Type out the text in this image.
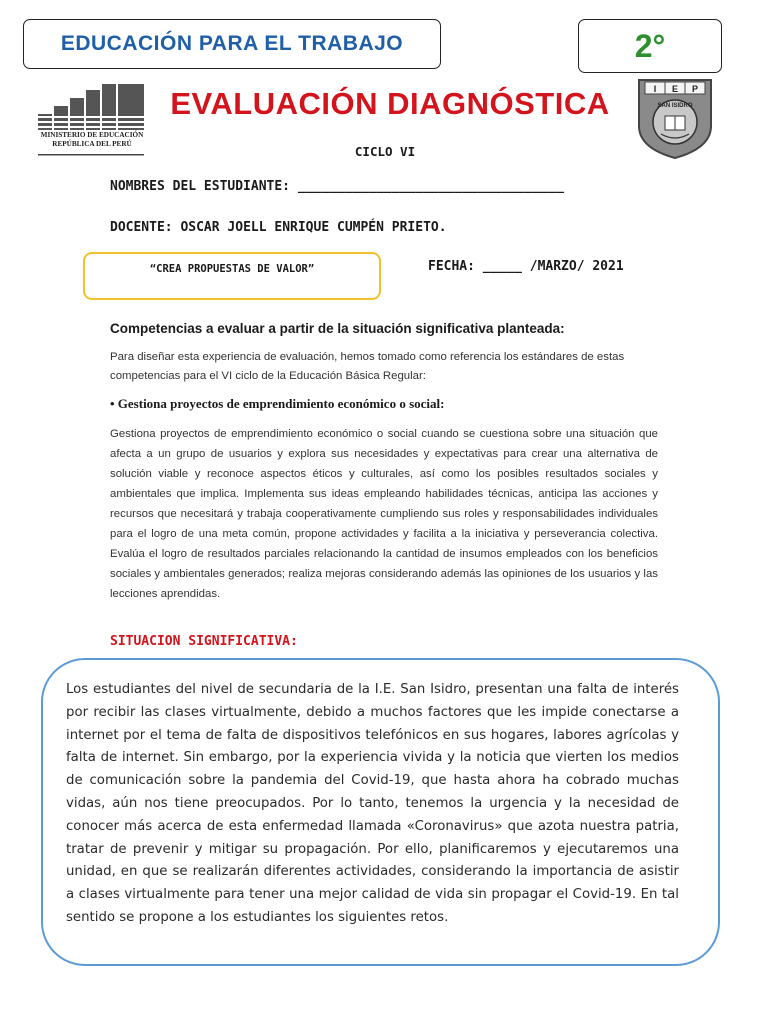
EDUCACIÓN PARA EL TRABAJO	2°
MINISTERIO DE EDUCACIÓN
REPÚBLICA DEL PERÚ
I E P
SAN ISIDRO
EVALUACIÓN DIAGNÓSTICA
CICLO VI
NOMBRES DEL ESTUDIANTE: __________________________________
DOCENTE: OSCAR JOELL ENRIQUE CUMPÉN PRIETO.
“CREA PROPUESTAS DE VALOR”	FECHA: _____ /MARZO/ 2021
Competencias a evaluar a partir de la situación significativa planteada:
Para diseñar esta experiencia de evaluación, hemos tomado como referencia los estándares de estas competencias para el VI ciclo de la Educación Básica Regular:
• Gestiona proyectos de emprendimiento económico o social:
Gestiona proyectos de emprendimiento económico o social cuando se cuestiona sobre una situación que afecta a un grupo de usuarios y explora sus necesidades y expectativas para crear una alternativa de solución viable y reconoce aspectos éticos y culturales, así como los posibles resultados sociales y ambientales que implica. Implementa sus ideas empleando habilidades técnicas, anticipa las acciones y recursos que necesitará y trabaja cooperativamente cumpliendo sus roles y responsabilidades individuales para el logro de una meta común, propone actividades y facilita a la iniciativa y perseverancia colectiva. Evalúa el logro de resultados parciales relacionando la cantidad de insumos empleados con los beneficios sociales y ambientales generados; realiza mejoras considerando además las opiniones de los usuarios y las lecciones aprendidas.
SITUACION SIGNIFICATIVA:
Los estudiantes del nivel de secundaria de la I.E. San Isidro, presentan una falta de interés por recibir las clases virtualmente, debido a muchos factores que les impide conectarse a internet por el tema de falta de dispositivos telefónicos en sus hogares, labores agrícolas y falta de internet. Sin embargo, por la experiencia vivida y la noticia que vierten los medios de comunicación sobre la pandemia del Covid-19, que hasta ahora ha cobrado muchas vidas, aún nos tiene preocupados. Por lo tanto, tenemos la urgencia y la necesidad de conocer más acerca de esta enfermedad llamada «Coronavirus» que azota nuestra patria, tratar de prevenir y mitigar su propagación. Por ello, planificaremos y ejecutaremos una unidad, en que se realizarán diferentes actividades, considerando la importancia de asistir a clases virtualmente para tener una mejor calidad de vida sin propagar el Covid-19. En tal sentido se propone a los estudiantes los siguientes retos.
